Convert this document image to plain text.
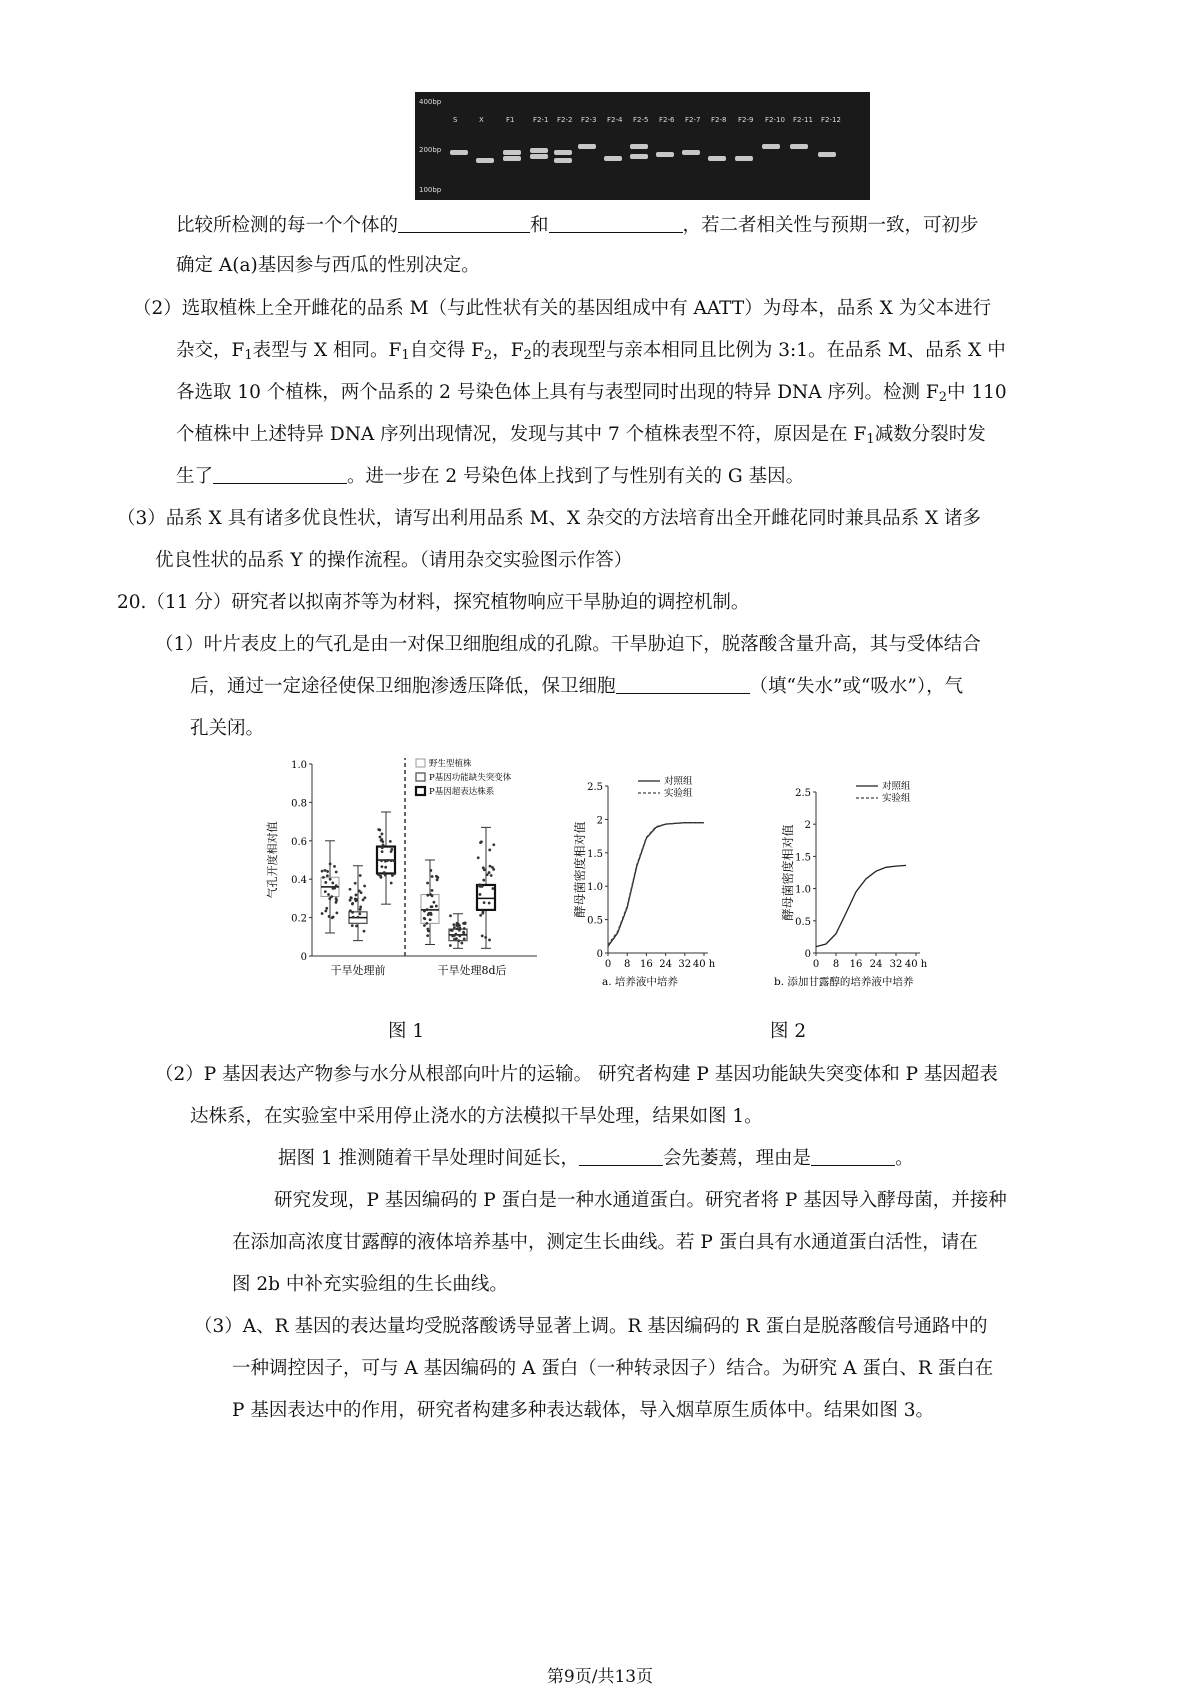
400bp
200bp
100bp
S	X	F1	F2-1 F2-2 F2-3 F2-4 F2-5 F2-6 F2-7 F2-8 F2-9 F2-10 F2-11 F2-12
比较所检测的每一个个体的	和	，若二者相关性与预期一致，可初步
确定 A(a)基因参与西瓜的性别决定。
（2）选取植株上全开雌花的品系 M（与此性状有关的基因组成中有 AATT）为母本，品系 X 为父本进行
杂交，$F_1$表型与 X 相同。$F_1$自交得 $F_2$，$F_2$的表现型与亲本相同且比例为 3:1。在品系 M、品系 X 中
各选取 10 个植株，两个品系的 2 号染色体上具有与表型同时出现的特异 DNA 序列。检测 $F_2$中 110
个植株中上述特异 DNA 序列出现情况，发现与其中 7 个植株表型不符，原因是在 $F_1$减数分裂时发
生了	。进一步在 2 号染色体上找到了与性别有关的 G 基因。
（3）品系 X 具有诸多优良性状，请写出利用品系 M、X 杂交的方法培育出全开雌花同时兼具品系 X 诸多
优良性状的品系 Y 的操作流程。（请用杂交实验图示作答）
20.（11 分）研究者以拟南芥等为材料，探究植物响应干旱胁迫的调控机制。
（1）叶片表皮上的气孔是由一对保卫细胞组成的孔隙。干旱胁迫下，脱落酸含量升高，其与受体结合
后，通过一定途径使保卫细胞渗透压降低，保卫细胞	（填“失水”或“吸水”），气
孔关闭。
0
0.2
0.4
0.6
0.8
1.0
气孔开度相对值
干旱处理前	干旱处理8d后
野生型植株
P基因功能缺失突变体
P基因超表达株系
0
0.5
1.0
1.5
2
2.5
0 8 16 24 32 40 h
酵母菌密度相对值
a. 培养液中培养
对照组
实验组
0
0.5
1.0
1.5
2
2.5
0 8 16 24 32 40 h
酵母菌密度相对值
b. 添加甘露醇的培养液中培养
对照组
实验组
图 1	图 2
（2）P 基因表达产物参与水分从根部向叶片的运输。 研究者构建 P 基因功能缺失突变体和 P 基因超表
达株系，在实验室中采用停止浇水的方法模拟干旱处理，结果如图 1。
据图 1 推测随着干旱处理时间延长，	会先萎蔫，理由是	。
研究发现，P 基因编码的 P 蛋白是一种水通道蛋白。研究者将 P 基因导入酵母菌，并接种
在添加高浓度甘露醇的液体培养基中，测定生长曲线。若 P 蛋白具有水通道蛋白活性，请在
图 2b 中补充实验组的生长曲线。
（3）A、R 基因的表达量均受脱落酸诱导显著上调。R 基因编码的 R 蛋白是脱落酸信号通路中的
一种调控因子，可与 A 基因编码的 A 蛋白（一种转录因子）结合。为研究 A 蛋白、R 蛋白在
P 基因表达中的作用，研究者构建多种表达载体，导入烟草原生质体中。结果如图 3。
第9页/共13页
